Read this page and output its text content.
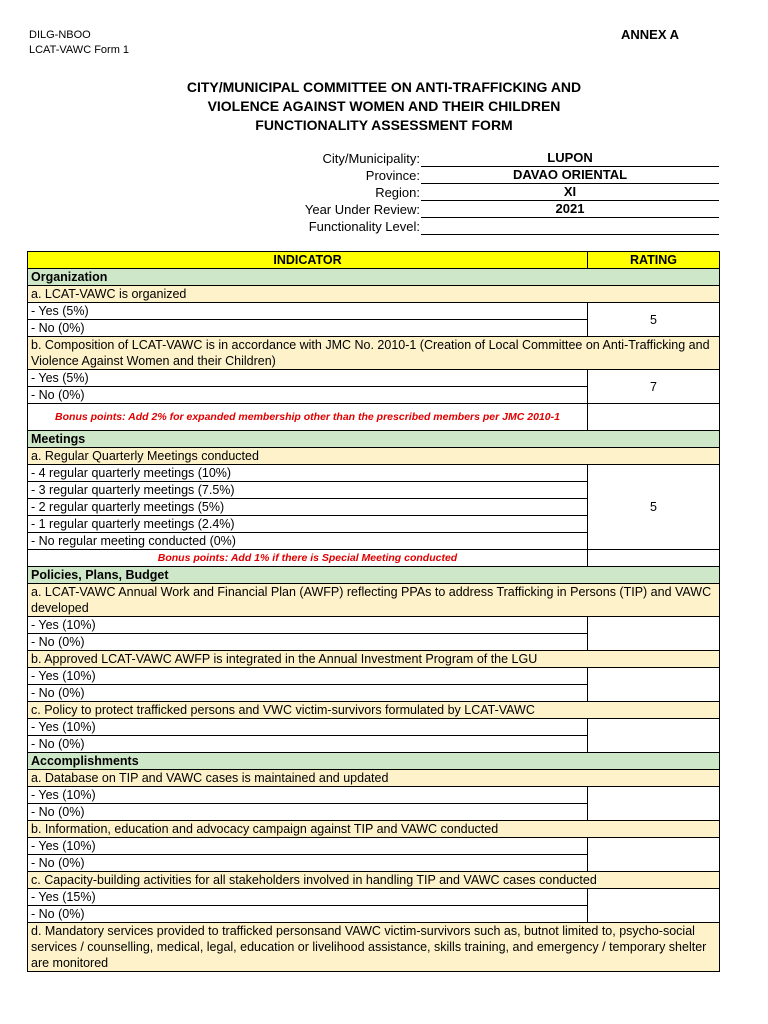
DILG-NBOO
LCAT-VAWC Form 1
ANNEX A
CITY/MUNICIPAL COMMITTEE ON ANTI-TRAFFICKING AND
VIOLENCE AGAINST WOMEN AND THEIR CHILDREN
FUNCTIONALITY ASSESSMENT FORM
City/Municipality:	LUPON
Province:	DAVAO ORIENTAL
Region:	XI
Year Under Review:	2021
Functionality Level:
INDICATOR	RATING
Organization	
a. LCAT-VAWC is organized	
- Yes (5%)	5
- No (0%)	
b. Composition of LCAT-VAWC is in accordance with JMC No. 2010-1 (Creation of Local Committee on Anti-Trafficking and Violence Against Women and their Children)	
- Yes (5%)	7
- No (0%)	
Bonus points: Add 2% for expanded membership other than the prescribed members per JMC 2010-1	
Meetings	
a. Regular Quarterly Meetings conducted	
- 4 regular quarterly meetings (10%)	5
- 3 regular quarterly meetings (7.5%)	
- 2 regular quarterly meetings (5%)	
- 1 regular quarterly meetings (2.4%)	
- No regular meeting conducted (0%)	
Bonus points: Add 1% if there is Special Meeting conducted	
Policies, Plans, Budget	
a. LCAT-VAWC Annual Work and Financial Plan (AWFP) reflecting PPAs to address Trafficking in Persons (TIP) and VAWC developed	
- Yes (10%)	
- No (0%)	
b. Approved LCAT-VAWC AWFP is integrated in the Annual Investment Program of the LGU	
- Yes (10%)	
- No (0%)	
c. Policy to protect trafficked persons and VWC victim-survivors formulated by LCAT-VAWC	
- Yes (10%)	
- No (0%)	
Accomplishments	
a. Database on TIP and VAWC cases is maintained and updated	
- Yes (10%)	
- No (0%)	
b. Information, education and advocacy campaign against TIP and VAWC conducted	
- Yes (10%)	
- No (0%)	
c. Capacity-building activities for all stakeholders involved in handling TIP and VAWC cases conducted	
- Yes (15%)	
- No (0%)	
d. Mandatory services provided to trafficked personsand VAWC victim-survivors such as, butnot limited to, psycho-social services / counselling, medical, legal, education or livelihood assistance, skills training, and emergency / temporary shelter are monitored	
